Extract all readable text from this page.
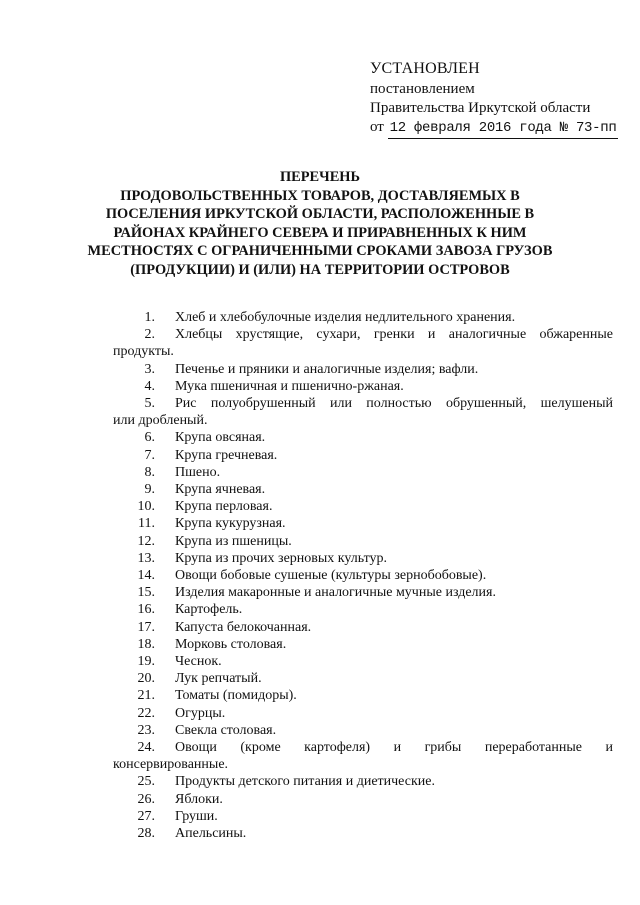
УСТАНОВЛЕН
постановлением
Правительства Иркутской области
от 12 февраля 2016 года № 73-пп
ПЕРЕЧЕНЬ
ПРОДОВОЛЬСТВЕННЫХ ТОВАРОВ, ДОСТАВЛЯЕМЫХ В
ПОСЕЛЕНИЯ ИРКУТСКОЙ ОБЛАСТИ, РАСПОЛОЖЕННЫЕ В
РАЙОНАХ КРАЙНЕГО СЕВЕРА И ПРИРАВНЕННЫХ К НИМ
МЕСТНОСТЯХ С ОГРАНИЧЕННЫМИ СРОКАМИ ЗАВОЗА ГРУЗОВ
(ПРОДУКЦИИ) И (ИЛИ) НА ТЕРРИТОРИИ ОСТРОВОВ
1. Хлеб и хлебобулочные изделия недлительного хранения.
2. Хлебцы хрустящие, сухари, гренки и аналогичные обжаренные
продукты.
3. Печенье и пряники и аналогичные изделия; вафли.
4. Мука пшеничная и пшенично-ржаная.
5. Рис полуобрушенный или полностью обрушенный, шелушеный
или дробленый.
6. Крупа овсяная.
7. Крупа гречневая.
8. Пшено.
9. Крупа ячневая.
10. Крупа перловая.
11. Крупа кукурузная.
12. Крупа из пшеницы.
13. Крупа из прочих зерновых культур.
14. Овощи бобовые сушеные (культуры зернобобовые).
15. Изделия макаронные и аналогичные мучные изделия.
16. Картофель.
17. Капуста белокочанная.
18. Морковь столовая.
19. Чеснок.
20. Лук репчатый.
21. Томаты (помидоры).
22. Огурцы.
23. Свекла столовая.
24. Овощи (кроме картофеля) и грибы переработанные и
консервированные.
25. Продукты детского питания и диетические.
26. Яблоки.
27. Груши.
28. Апельсины.
